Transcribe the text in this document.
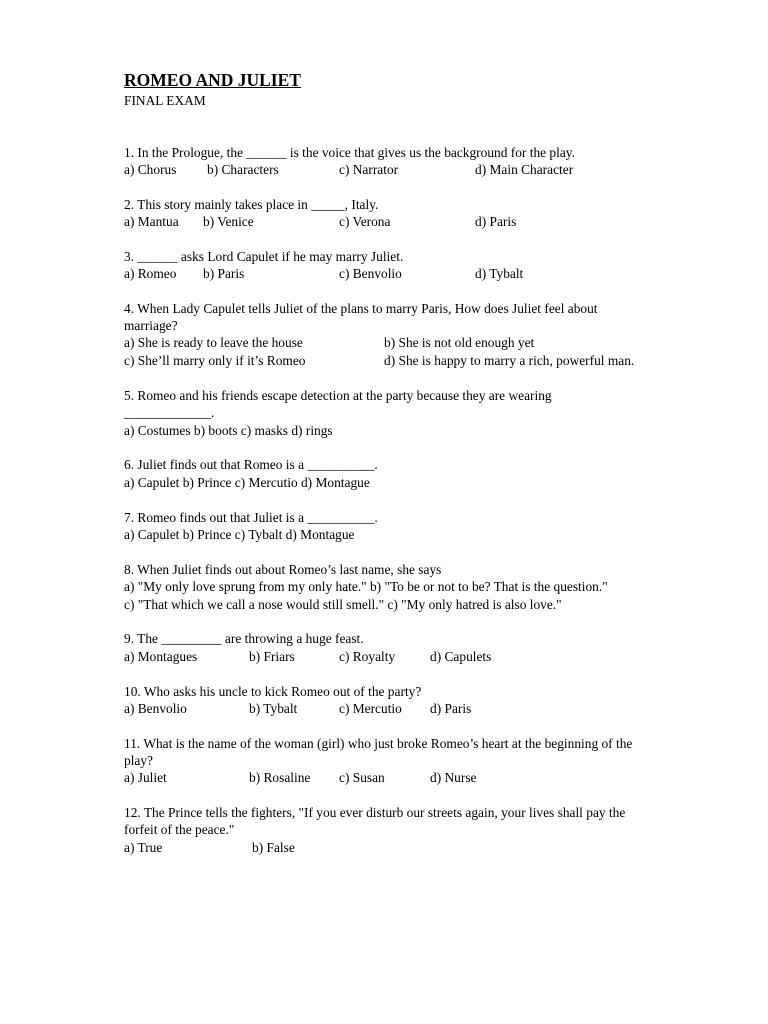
ROMEO AND JULIET
FINAL EXAM
1. In the Prologue, the ______ is the voice that gives us the background for the play.
a) Chorus b) Characters	c) Narrator	d) Main Character
2. This story mainly takes place in _____, Italy.
a) Mantua b) Venice	c) Verona	d) Paris
3. ______ asks Lord Capulet if he may marry Juliet.
a) Romeo b) Paris	c) Benvolio	d) Tybalt
4. When Lady Capulet tells Juliet of the plans to marry Paris, How does Juliet feel about
marriage?
a) She is ready to leave the house	b) She is not old enough yet
c) She’ll marry only if it’s Romeo	d) She is happy to marry a rich, powerful man.
5. Romeo and his friends escape detection at the party because they are wearing
_____________.
a) Costumes b) boots c) masks d) rings
6. Juliet finds out that Romeo is a __________.
a) Capulet b) Prince c) Mercutio d) Montague
7. Romeo finds out that Juliet is a __________.
a) Capulet b) Prince c) Tybalt d) Montague
8. When Juliet finds out about Romeo’s last name, she says
a) "My only love sprung from my only hate." b) "To be or not to be? That is the question."
c) "That which we call a nose would still smell." c) "My only hatred is also love."
9. The _________ are throwing a huge feast.
a) Montagues	b) Friars	c) Royalty	d) Capulets
10. Who asks his uncle to kick Romeo out of the party?
a) Benvolio	b) Tybalt	c) Mercutio d) Paris
11. What is the name of the woman (girl) who just broke Romeo’s heart at the beginning of the
play?
a) Juliet	b) Rosaline c) Susan	d) Nurse
12. The Prince tells the fighters, "If you ever disturb our streets again, your lives shall pay the
forfeit of the peace."
a) True	b) False
